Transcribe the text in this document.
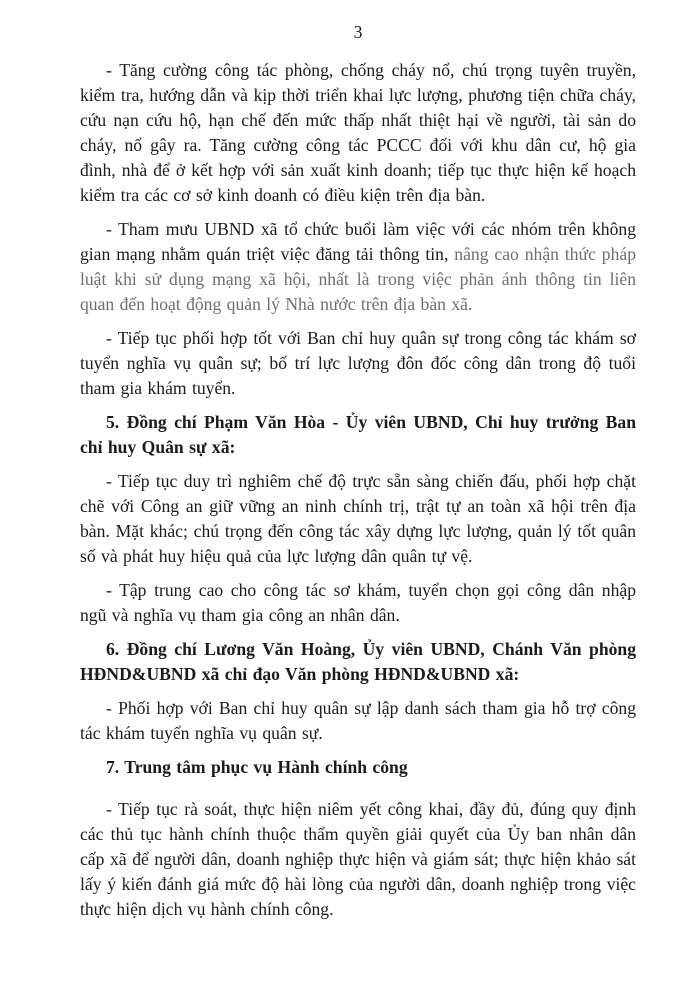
3

- Tăng cường công tác phòng, chống cháy nổ, chú trọng tuyên truyền, kiểm tra, hướng dẫn và kịp thời triển khai lực lượng, phương tiện chữa cháy, cứu nạn cứu hộ, hạn chế đến mức thấp nhất thiệt hại về người, tài sản do cháy, nổ gây ra. Tăng cường công tác PCCC đối với khu dân cư, hộ gia đình, nhà để ở kết hợp với sản xuất kinh doanh; tiếp tục thực hiện kế hoạch kiểm tra các cơ sở kinh doanh có điều kiện trên địa bàn.

- Tham mưu UBND xã tổ chức buổi làm việc với các nhóm trên không gian mạng nhằm quán triệt việc đăng tải thông tin, nâng cao nhận thức pháp luật khi sử dụng mạng xã hội, nhất là trong việc phản ánh thông tin liên quan đến hoạt động quản lý Nhà nước trên địa bàn xã.

- Tiếp tục phối hợp tốt với Ban chỉ huy quân sự trong công tác khám sơ tuyển nghĩa vụ quân sự; bố trí lực lượng đôn đốc công dân trong độ tuổi tham gia khám tuyển.

5. Đồng chí Phạm Văn Hòa - Ủy viên UBND, Chỉ huy trưởng Ban chỉ huy Quân sự xã:

- Tiếp tục duy trì nghiêm chế độ trực sẵn sàng chiến đấu, phối hợp chặt chẽ với Công an giữ vững an ninh chính trị, trật tự an toàn xã hội trên địa bàn. Mặt khác; chú trọng đến công tác xây dựng lực lượng, quản lý tốt quân số và phát huy hiệu quả của lực lượng dân quân tự vệ.

- Tập trung cao cho công tác sơ khám, tuyển chọn gọi công dân nhập ngũ và nghĩa vụ tham gia công an nhân dân.

6. Đồng chí Lương Văn Hoàng, Ủy viên UBND, Chánh Văn phòng HĐND&UBND xã chỉ đạo Văn phòng HĐND&UBND xã:

- Phối hợp với Ban chỉ huy quân sự lập danh sách tham gia hỗ trợ công tác khám tuyển nghĩa vụ quân sự.

7. Trung tâm phục vụ Hành chính công

- Tiếp tục rà soát, thực hiện niêm yết công khai, đầy đủ, đúng quy định các thủ tục hành chính thuộc thẩm quyền giải quyết của Ủy ban nhân dân cấp xã để người dân, doanh nghiệp thực hiện và giám sát; thực hiện khảo sát lấy ý kiến đánh giá mức độ hài lòng của người dân, doanh nghiệp trong việc thực hiện dịch vụ hành chính công.
